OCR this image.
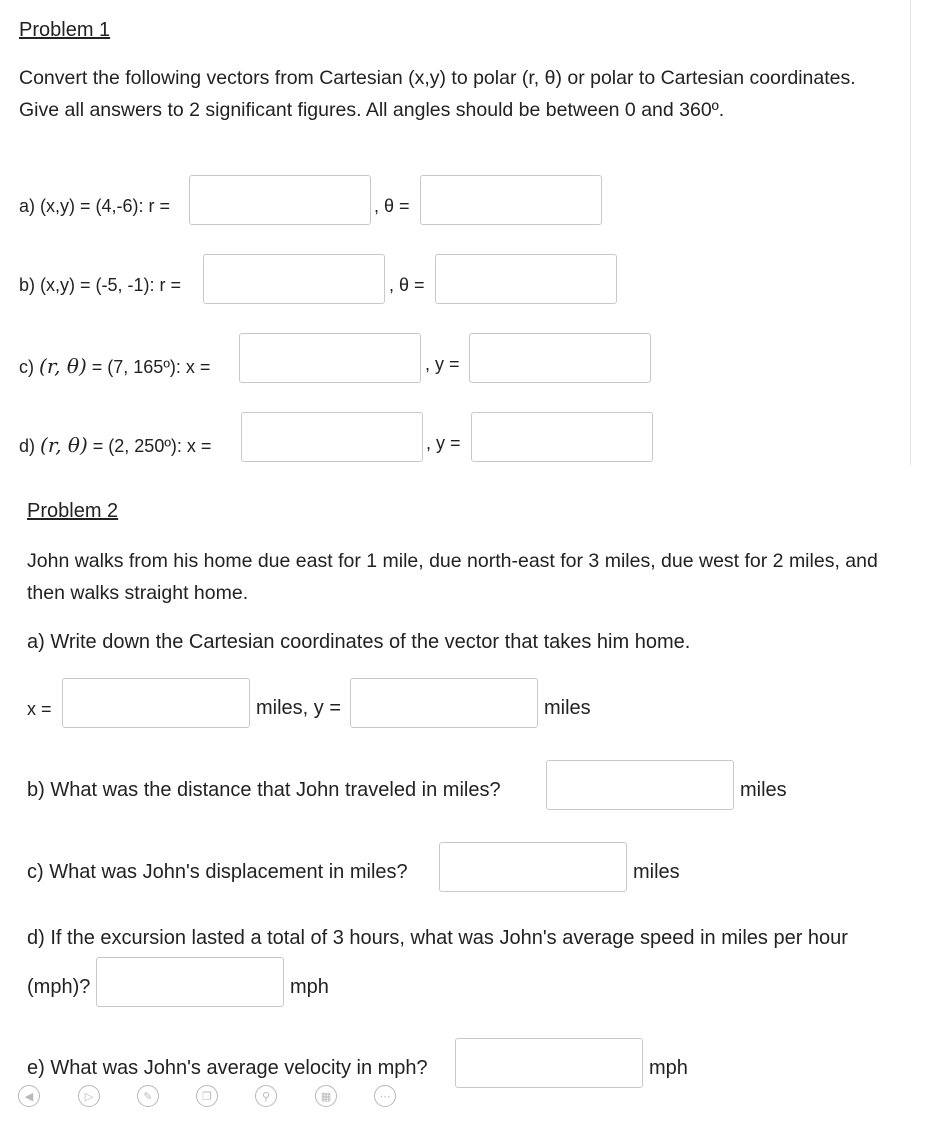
Problem 1
Convert the following vectors from Cartesian (x,y) to polar (r, θ) or polar to Cartesian coordinates. Give all answers to 2 significant figures. All angles should be between 0 and 360º.
a) (x,y) = (4,-6): r =	, θ =
b) (x,y) = (-5, -1): r =	, θ =
c) (r, θ) = (7, 165º): x =	, y =
d) (r, θ) = (2, 250º): x =	, y =
Problem 2
John walks from his home due east for 1 mile, due north-east for 3 miles, due west for 2 miles, and then walks straight home.
a) Write down the Cartesian coordinates of the vector that takes him home.
x =	miles, y =	miles
b) What was the distance that John traveled in miles?	miles
c) What was John's displacement in miles?	miles
d) If the excursion lasted a total of 3 hours, what was John's average speed in miles per hour
(mph)?	mph
e) What was John's average velocity in mph?	mph
◀	▷	✎	❐	⚲	▦	⋯
